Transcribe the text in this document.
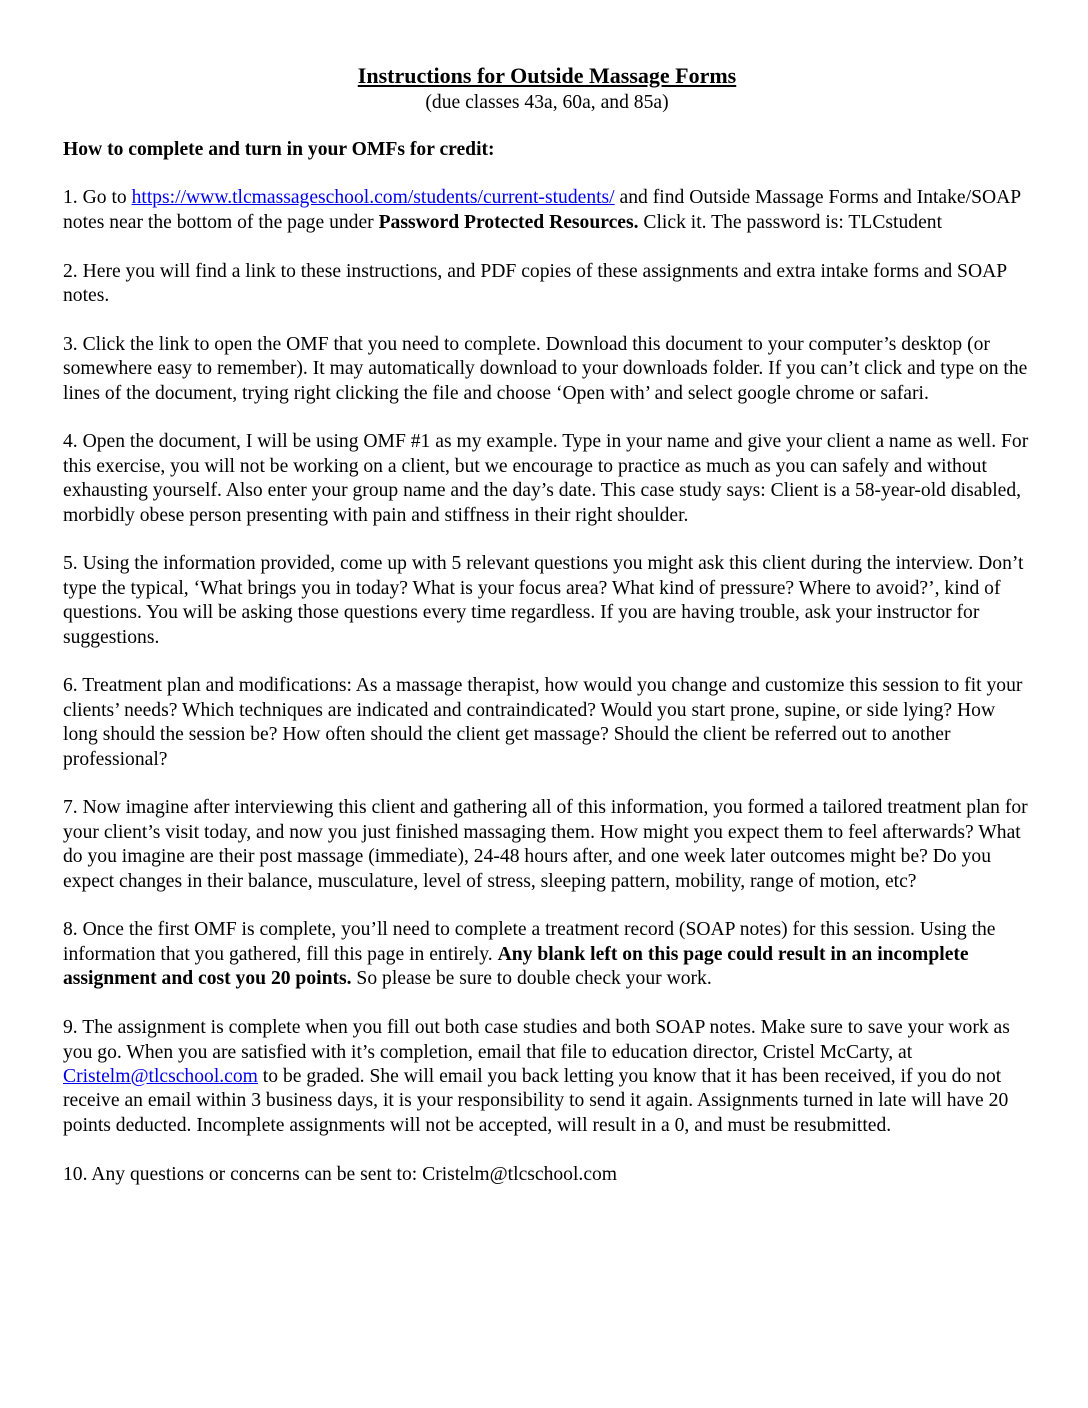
Instructions for Outside Massage Forms
(due classes 43a, 60a, and 85a)
How to complete and turn in your OMFs for credit:

1. Go to https://www.tlcmassageschool.com/students/current-students/ and find Outside Massage Forms and Intake/SOAP notes near the bottom of the page under Password Protected Resources. Click it. The password is: TLCstudent

2. Here you will find a link to these instructions, and PDF copies of these assignments and extra intake forms and SOAP notes.

3. Click the link to open the OMF that you need to complete. Download this document to your computer’s desktop (or somewhere easy to remember). It may automatically download to your downloads folder. If you can’t click and type on the lines of the document, trying right clicking the file and choose ‘Open with’ and select google chrome or safari.

4. Open the document, I will be using OMF #1 as my example. Type in your name and give your client a name as well. For this exercise, you will not be working on a client, but we encourage to practice as much as you can safely and without exhausting yourself. Also enter your group name and the day’s date. This case study says: Client is a 58-year-old disabled, morbidly obese person presenting with pain and stiffness in their right shoulder.

5. Using the information provided, come up with 5 relevant questions you might ask this client during the interview. Don’t type the typical, ‘What brings you in today? What is your focus area? What kind of pressure? Where to avoid?’, kind of questions. You will be asking those questions every time regardless. If you are having trouble, ask your instructor for suggestions.

6. Treatment plan and modifications: As a massage therapist, how would you change and customize this session to fit your clients’ needs? Which techniques are indicated and contraindicated? Would you start prone, supine, or side lying? How long should the session be? How often should the client get massage? Should the client be referred out to another professional?

7. Now imagine after interviewing this client and gathering all of this information, you formed a tailored treatment plan for your client’s visit today, and now you just finished massaging them. How might you expect them to feel afterwards? What do you imagine are their post massage (immediate), 24-48 hours after, and one week later outcomes might be? Do you expect changes in their balance, musculature, level of stress, sleeping pattern, mobility, range of motion, etc?

8. Once the first OMF is complete, you’ll need to complete a treatment record (SOAP notes) for this session. Using the information that you gathered, fill this page in entirely. Any blank left on this page could result in an incomplete assignment and cost you 20 points. So please be sure to double check your work.

9. The assignment is complete when you fill out both case studies and both SOAP notes. Make sure to save your work as you go. When you are satisfied with it’s completion, email that file to education director, Cristel McCarty, at Cristelm@tlcschool.com to be graded. She will email you back letting you know that it has been received, if you do not receive an email within 3 business days, it is your responsibility to send it again. Assignments turned in late will have 20 points deducted. Incomplete assignments will not be accepted, will result in a 0, and must be resubmitted.

10. Any questions or concerns can be sent to: Cristelm@tlcschool.com
